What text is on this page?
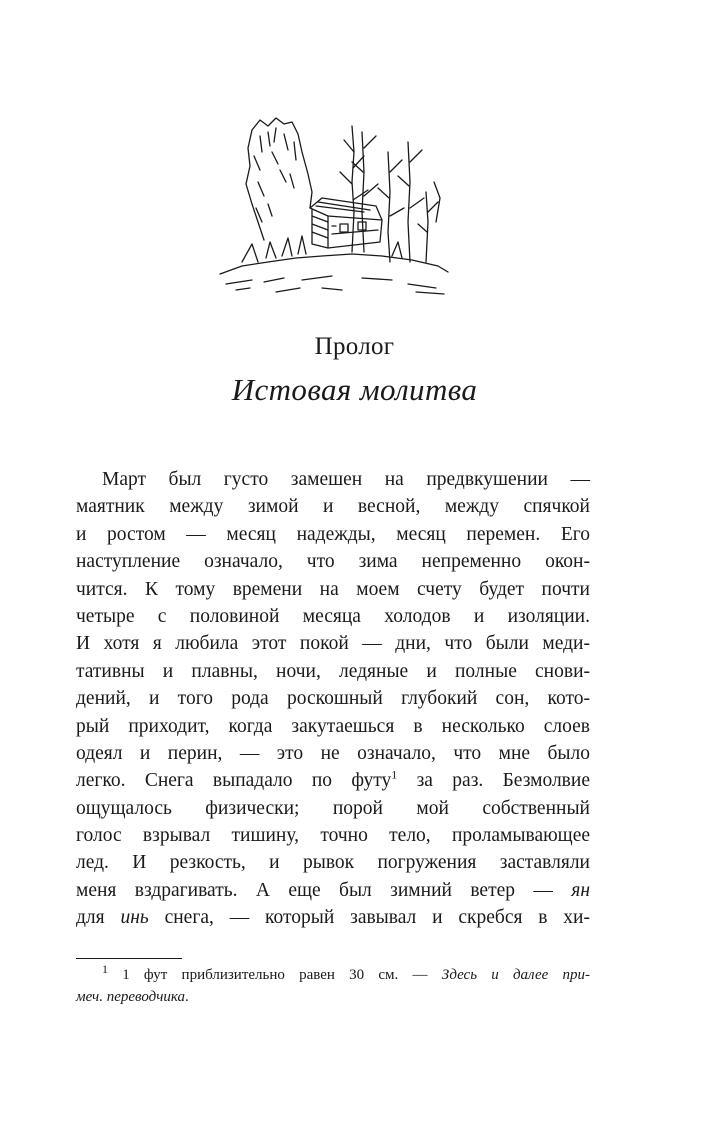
Пролог
Истовая молитва
Март был густо замешен на предвкушении —
маятник между зимой и весной, между спячкой
и ростом — месяц надежды, месяц перемен. Его
наступление означало, что зима непременно окон-
чится. К тому времени на моем счету будет почти
четыре с половиной месяца холодов и изоляции.
И хотя я любила этот покой — дни, что были меди-
тативны и плавны, ночи, ледяные и полные снови-
дений, и того рода роскошный глубокий сон, кото-
рый приходит, когда закутаешься в несколько слоев
одеял и перин, — это не означало, что мне было
легко. Снега выпадало по футу$^1$ за раз. Безмолвие
ощущалось физически; порой мой собственный
голос взрывал тишину, точно тело, проламывающее
лед. И резкость, и рывок погружения заставляли
меня вздрагивать. А еще был зимний ветер — ян
для инь снега, — который завывал и скребся в хи-
$^1$ 1 фут приблизительно равен 30 см. — Здесь и далее при-
меч. переводчика.
